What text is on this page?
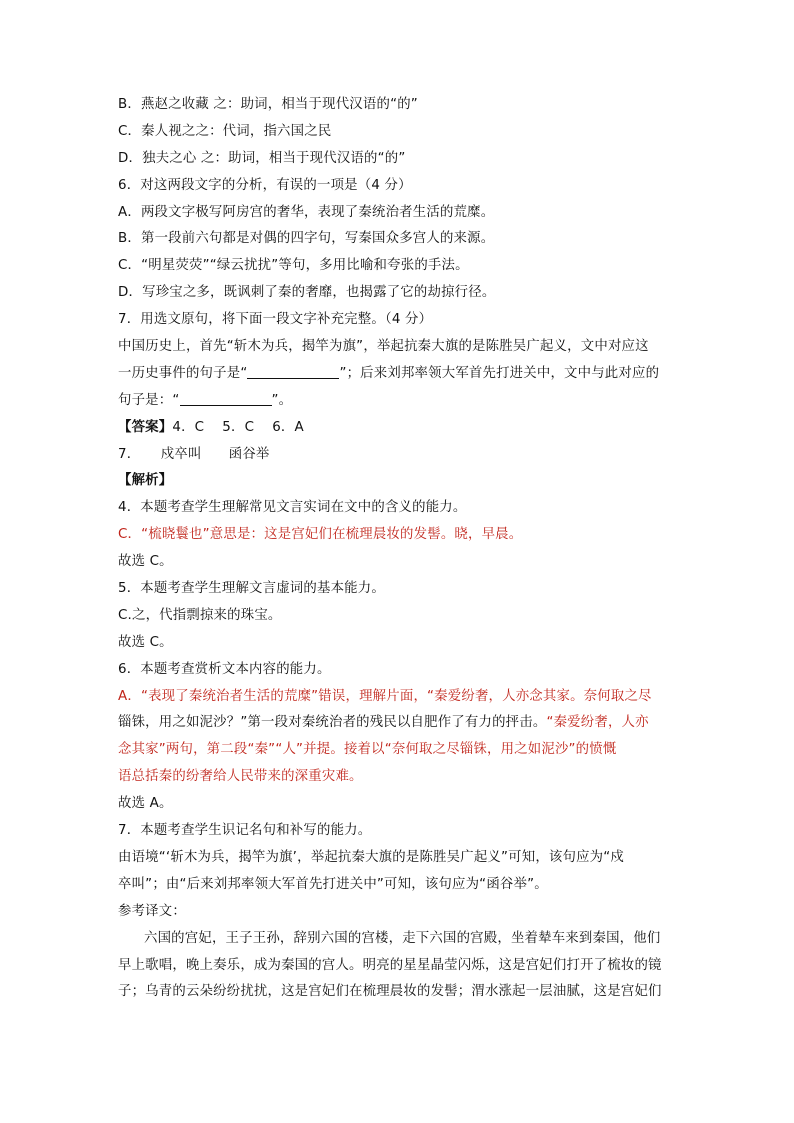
B．燕赵之收藏 之：助词，相当于现代汉语的“的”
C．秦人视之之：代词，指六国之民
D．独夫之心 之：助词，相当于现代汉语的“的”
6．对这两段文字的分析，有误的一项是（4 分）
A．两段文字极写阿房宫的奢华，表现了秦统治者生活的荒糜。
B．第一段前六句都是对偶的四字句，写秦国众多宫人的来源。
C．“明星荧荧”“绿云扰扰”等句，多用比喻和夸张的手法。
D．写珍宝之多，既讽刺了秦的奢靡，也揭露了它的劫掠行径。
7．用选文原句，将下面一段文字补充完整。（4 分）
中国历史上，首先“斩木为兵，揭竿为旗”，举起抗秦大旗的是陈胜吴广起义，文中对应这
一历史事件的句子是“	”；后来刘邦率领大军首先打进关中，文中与此对应的
句子是：“	”。
【答案】4．C　 5．C　 6．A
7．　　戍卒叫　　函谷举
【解析】
4．本题考查学生理解常见文言实词在文中的含义的能力。
C．“梳晓鬟也”意思是：这是宫妃们在梳理晨妆的发髻。晓，早晨。
故选 C。
5．本题考查学生理解文言虚词的基本能力。
C.之，代指剽掠来的珠宝。
故选 C。
6．本题考查赏析文本内容的能力。
A．“表现了秦统治者生活的荒糜”错误，理解片面，“秦爱纷奢，人亦念其家。奈何取之尽
锱铢，用之如泥沙？”第一段对秦统治者的残民以自肥作了有力的抨击。“秦爱纷奢，人亦
念其家”两句，第二段“秦”“人”并提。接着以“奈何取之尽锱铢，用之如泥沙”的愤慨
语总括秦的纷奢给人民带来的深重灾难。
故选 A。
7．本题考查学生识记名句和补写的能力。
由语境“‘斩木为兵，揭竿为旗’，举起抗秦大旗的是陈胜吴广起义”可知，该句应为“戍
卒叫”；由“后来刘邦率领大军首先打进关中”可知，该句应为“函谷举”。
参考译文：
六国的宫妃，王子王孙，辞别六国的宫楼，走下六国的宫殿，坐着辇车来到秦国，他们
早上歌唱，晚上奏乐，成为秦国的宫人。明亮的星星晶莹闪烁，这是宫妃们打开了梳妆的镜
子；乌青的云朵纷纷扰扰，这是宫妃们在梳理晨妆的发髻；渭水涨起一层油腻，这是宫妃们
